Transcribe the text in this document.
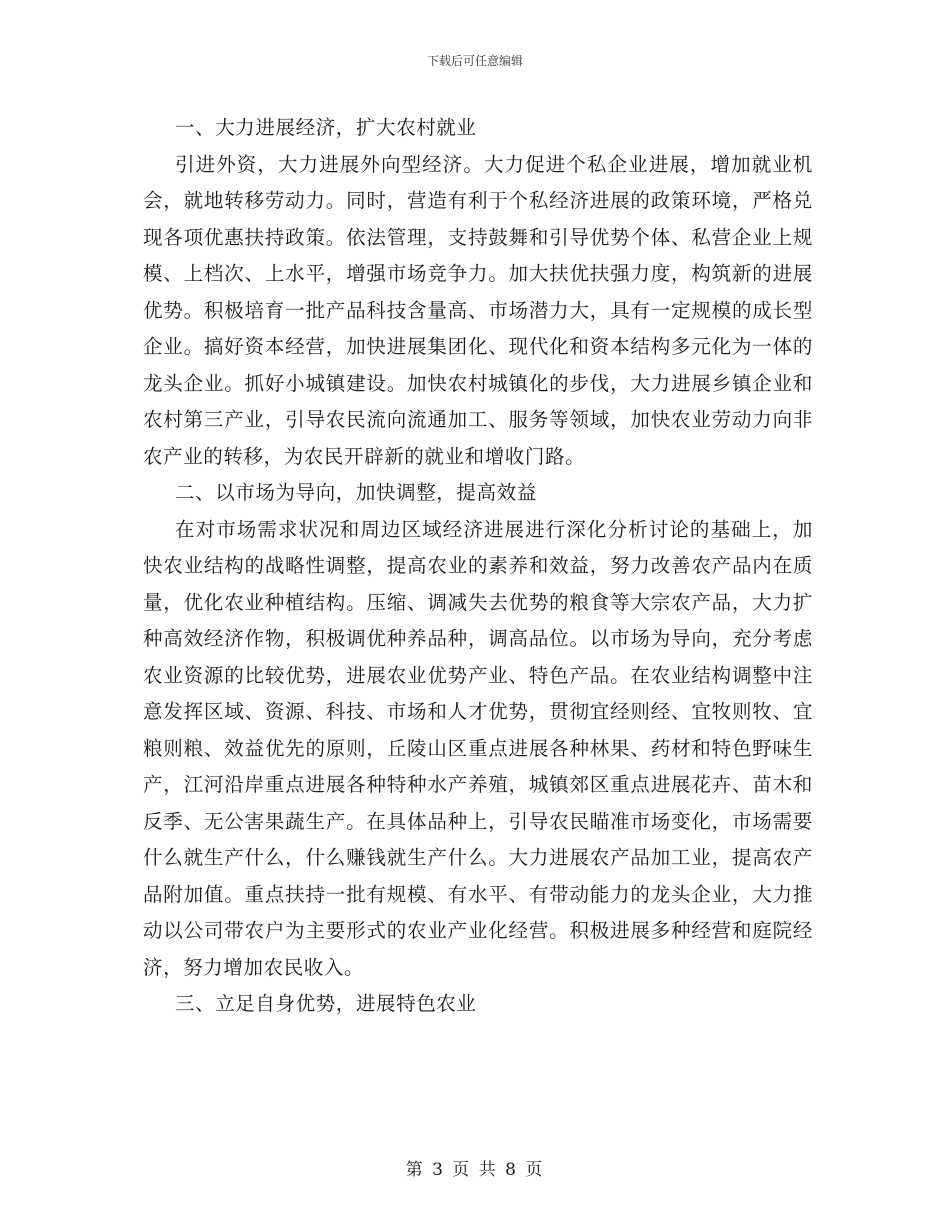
下载后可任意编辑

一、大力进展经济，扩大农村就业

引进外资，大力进展外向型经济。大力促进个私企业进展，增加就业机会，就地转移劳动力。同时，营造有利于个私经济进展的政策环境，严格兑现各项优惠扶持政策。依法管理，支持鼓舞和引导优势个体、私营企业上规模、上档次、上水平，增强市场竞争力。加大扶优扶强力度，构筑新的进展优势。积极培育一批产品科技含量高、市场潜力大，具有一定规模的成长型企业。搞好资本经营，加快进展集团化、现代化和资本结构多元化为一体的龙头企业。抓好小城镇建设。加快农村城镇化的步伐，大力进展乡镇企业和农村第三产业，引导农民流向流通加工、服务等领域，加快农业劳动力向非农产业的转移，为农民开辟新的就业和增收门路。

二、以市场为导向，加快调整，提高效益

在对市场需求状况和周边区域经济进展进行深化分析讨论的基础上，加快农业结构的战略性调整，提高农业的素养和效益，努力改善农产品内在质量，优化农业种植结构。压缩、调减失去优势的粮食等大宗农产品，大力扩种高效经济作物，积极调优种养品种，调高品位。以市场为导向，充分考虑农业资源的比较优势，进展农业优势产业、特色产品。在农业结构调整中注意发挥区域、资源、科技、市场和人才优势，贯彻宜经则经、宜牧则牧、宜粮则粮、效益优先的原则，丘陵山区重点进展各种林果、药材和特色野味生产，江河沿岸重点进展各种特种水产养殖，城镇郊区重点进展花卉、苗木和反季、无公害果蔬生产。在具体品种上，引导农民瞄准市场变化，市场需要什么就生产什么，什么赚钱就生产什么。大力进展农产品加工业，提高农产品附加值。重点扶持一批有规模、有水平、有带动能力的龙头企业，大力推动以公司带农户为主要形式的农业产业化经营。积极进展多种经营和庭院经济，努力增加农民收入。

三、立足自身优势，进展特色农业

第 3 页 共 8 页
